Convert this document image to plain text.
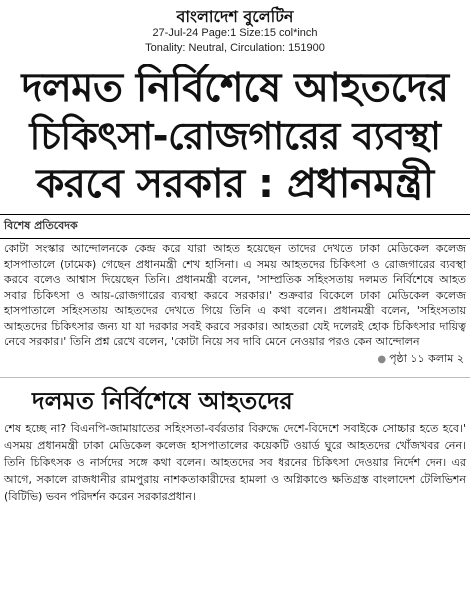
বাংলাদেশ বুলেটিন
27-Jul-24 Page:1 Size:15 col*inch
Tonality: Neutral, Circulation: 151900
দলমত নির্বিশেষে আহতদের
চিকিৎসা-রোজগারের ব্যবস্থা
করবে সরকার : প্রধানমন্ত্রী
বিশেষ প্রতিবেদক

কোটা সংস্কার আন্দোলনকে কেন্দ্র করে যারা আহত হয়েছেন তাদের দেখতে ঢাকা মেডিকেল কলেজ হাসপাতালে (ঢামেক) গেছেন প্রধানমন্ত্রী শেখ হাসিনা। এ সময় আহতদের চিকিৎসা ও রোজগারের ব্যবস্থা করবে বলেও আশ্বাস দিয়েছেন তিনি। প্রধানমন্ত্রী বলেন, 'সাম্প্রতিক সহিংসতায় দলমত নির্বিশেষে আহত সবার চিকিৎসা ও আয়-রোজগারের ব্যবস্থা করবে সরকার।' শুক্রবার বিকেলে ঢাকা মেডিকেল কলেজ হাসপাতালে সহিংসতায় আহতদের দেখতে গিয়ে তিনি এ কথা বলেন। প্রধানমন্ত্রী বলেন, 'সহিংসতায় আহতদের চিকিৎসার জন্য যা যা দরকার সবই করবে সরকার। আহতরা যেই দলেরই হোক চিকিৎসার দায়িত্ব নেবে সরকার।' তিনি প্রশ্ন রেখে বলেন, 'কোটা নিয়ে সব দাবি মেনে নেওয়ার পরও কেন আন্দোলন

● পৃষ্ঠা ১১ কলাম ২
দলমত নির্বিশেষে আহতদের

শেষ হচ্ছে না? বিএনপি-জামায়াতের সহিংসতা-বর্বরতার বিরুদ্ধে দেশে-বিদেশে সবাইকে সোচ্চার হতে হবে।' এসময় প্রধানমন্ত্রী ঢাকা মেডিকেল কলেজ হাসপাতালের কয়েকটি ওয়ার্ড ঘুরে আহতদের খোঁজখবর নেন। তিনি চিকিৎসক ও নার্সদের সঙ্গে কথা বলেন। আহতদের সব ধরনের চিকিৎসা দেওয়ার নির্দেশ দেন। এর আগে, সকালে রাজধানীর রামপুরায় নাশকতাকারীদের হামলা ও অগ্নিকাণ্ডে ক্ষতিগ্রস্ত বাংলাদেশ টেলিভিশন (বিটিভি) ভবন পরিদর্শন করেন সরকারপ্রধান।
